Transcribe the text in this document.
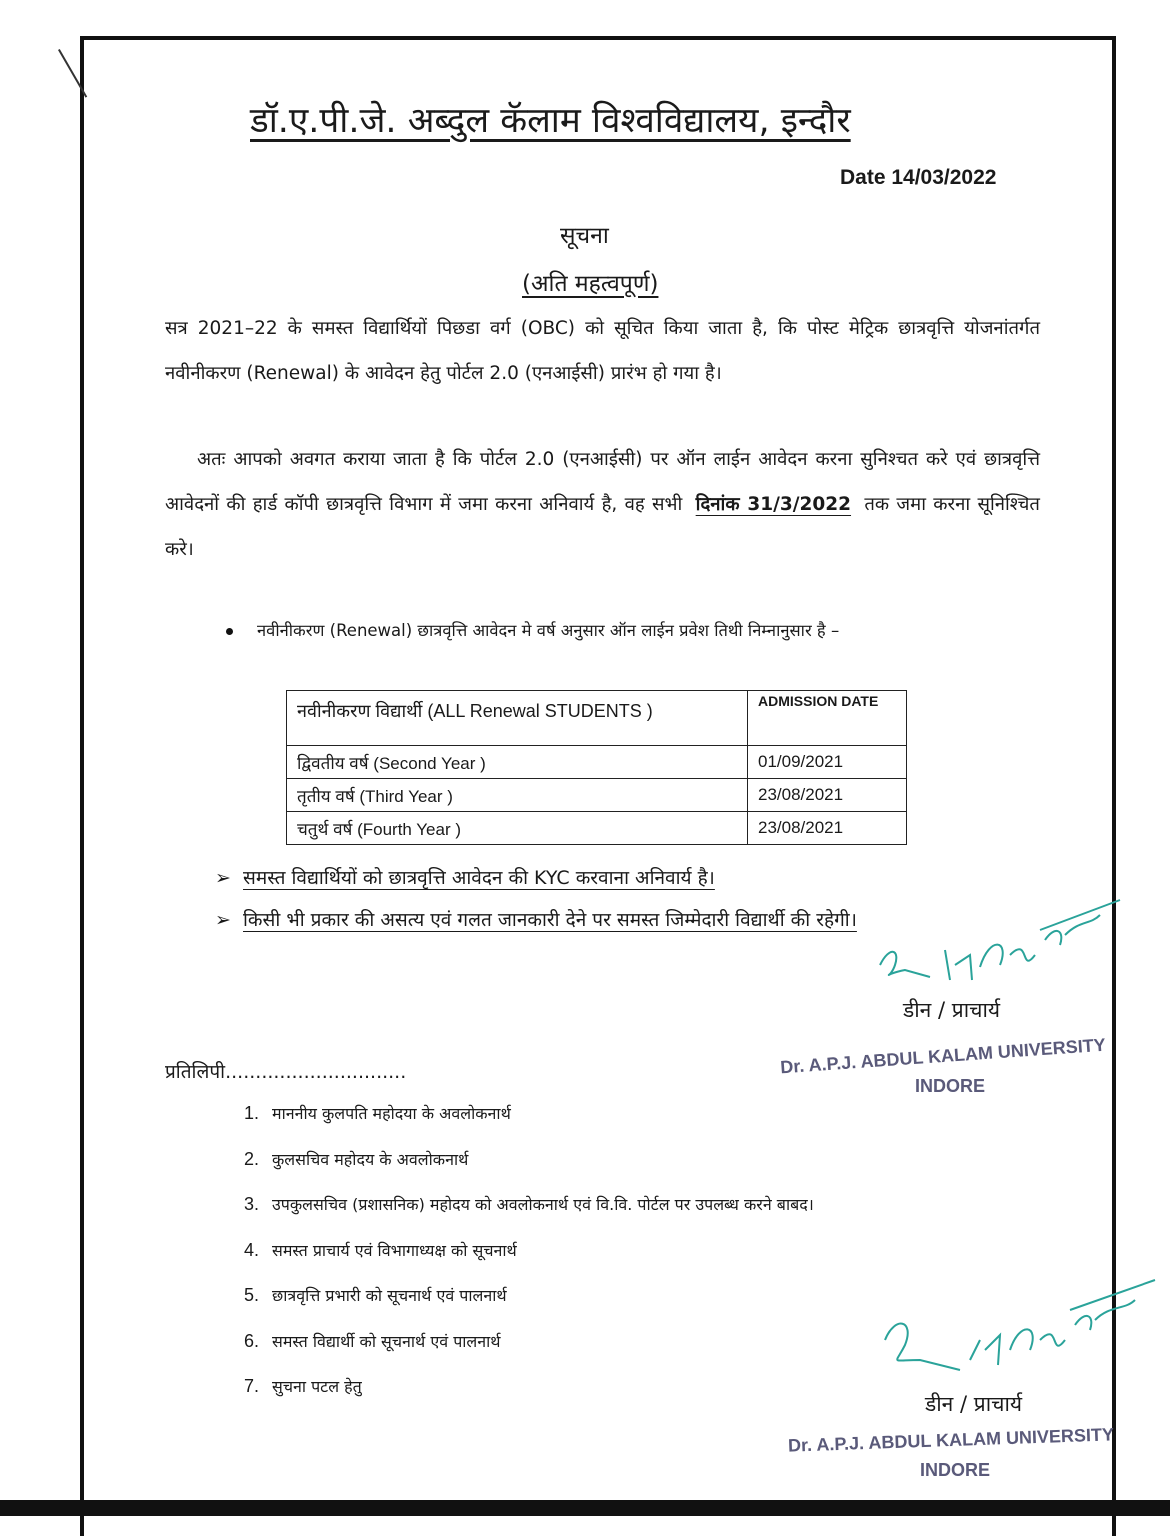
डॉ.ए.पी.जे. अब्दुल कॅलाम विश्वविद्यालय, इन्दौर
Date 14/03/2022
सूचना
(अति महत्वपूर्ण)
सत्र 2021–22 के समस्त विद्यार्थियों पिछडा वर्ग (OBC) को सूचित किया जाता है, कि पोस्ट मेट्रिक छात्रवृत्ति योजनांतर्गत नवीनीकरण (Renewal) के आवेदन हेतु पोर्टल 2.0 (एनआईसी) प्रारंभ हो गया है।
अतः आपको अवगत कराया जाता है कि पोर्टल 2.0 (एनआईसी) पर ऑन लाईन आवेदन करना सुनिश्चत करे एवं छात्रवृत्ति आवेदनों की हार्ड कॉपी छात्रवृत्ति विभाग में जमा करना अनिवार्य है, वह सभी दिनांक 31/3/2022 तक जमा करना सूनिश्चित करे।
नवीनीकरण (Renewal) छात्रवृत्ति आवेदन मे वर्ष अनुसार ऑन लाईन प्रवेश तिथी निम्नानुसार है –
नवीनीकरण विद्यार्थी (ALL Renewal STUDENTS )	ADMISSION DATE
द्विवतीय वर्ष (Second Year )	01/09/2021
तृतीय वर्ष (Third Year )	23/08/2021
चतुर्थ वर्ष (Fourth Year )	23/08/2021
➢ समस्त विद्यार्थियों को छात्रवृत्ति आवेदन की KYC करवाना अनिवार्य है।
➢ किसी भी प्रकार की असत्य एवं गलत जानकारी देने पर समस्त जिम्मेदारी विद्यार्थी की रहेगी।
डीन / प्राचार्य
Dr. A.P.J. ABDUL KALAM UNIVERSITY
INDORE
प्रतिलिपी..............................
1. माननीय कुलपति महोदया के अवलोकनार्थ
2. कुलसचिव महोदय के अवलोकनार्थ
3. उपकुलसचिव (प्रशासनिक) महोदय को अवलोकनार्थ एवं वि.वि. पोर्टल पर उपलब्ध करने बाबद।
4. समस्त प्राचार्य एवं विभागाध्यक्ष को सूचनार्थ
5. छात्रवृत्ति प्रभारी को सूचनार्थ एवं पालनार्थ
6. समस्त विद्यार्थी को सूचनार्थ एवं पालनार्थ
7. सुचना पटल हेतु
डीन / प्राचार्य
Dr. A.P.J. ABDUL KALAM UNIVERSITY
INDORE
